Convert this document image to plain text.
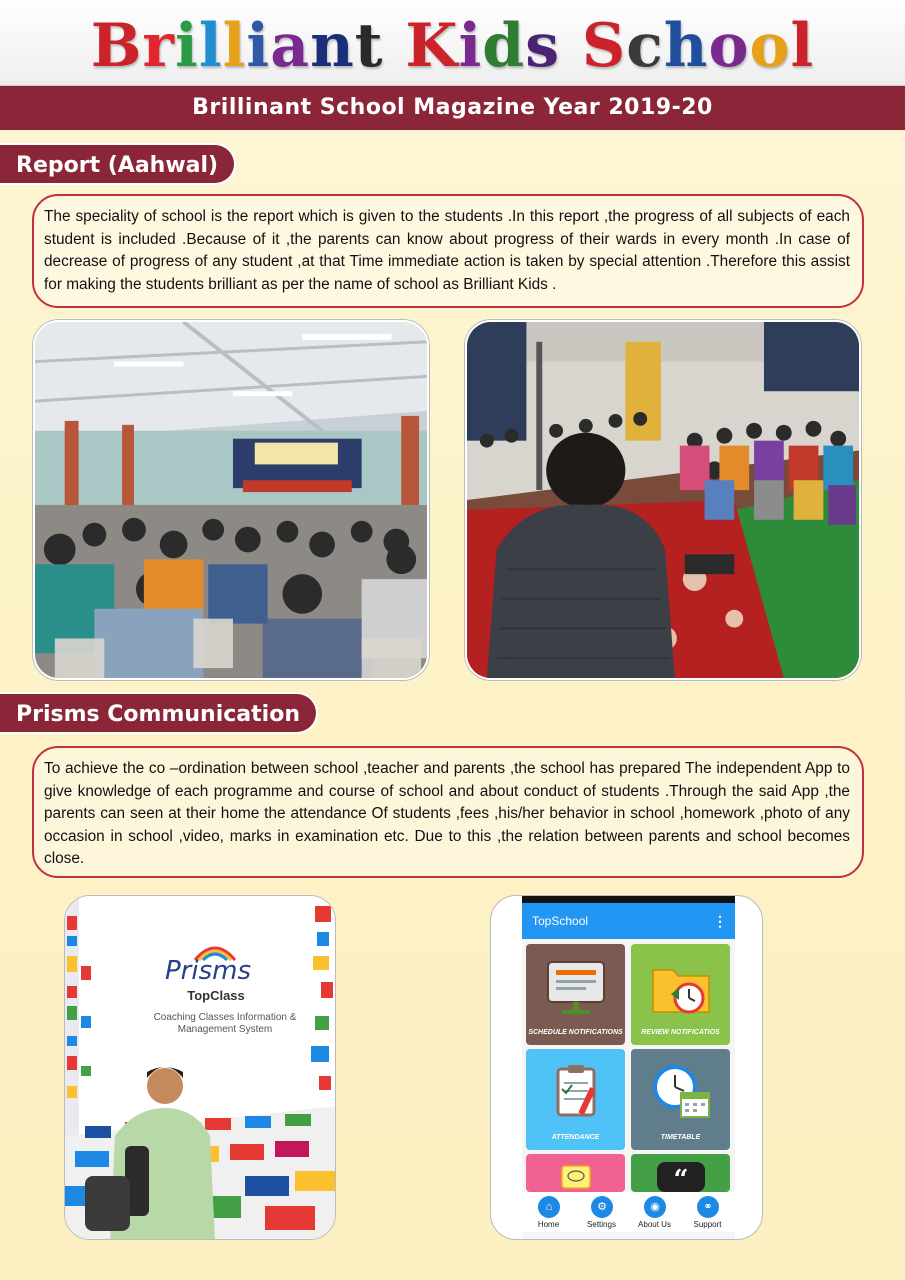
Brilliant Kids School
Brillinant School Magazine Year 2019-20
Report (Aahwal)
The speciality of school is the report which is given to the students .In this report ,the progress of all subjects of each student is included .Because of it ,the parents can know about progress of their wards in every month .In case of decrease of progress of any student ,at that Time immediate action is taken by special attention .Therefore this assist for making the students brilliant as per the name of school as Brilliant Kids .
Prisms Communication
To achieve the co –ordination between school ,teacher and parents ,the school has prepared The independent App to give knowledge of each programme and course of school and about conduct of students .Through the said App ,the parents can seen at their home the attendance Of students ,fees ,his/her behavior in school ,homework ,photo of any occasion in school ,video, marks in examination etc. Due to this ,the relation between parents and school becomes close.
Prisms
TopClass
Coaching Classes Information & Management System
TopSchool	⋮
SCHEDULE NOTIFICATIONS	REVIEW NOTIFICATIOS
ATTENDANCE	TIMETABLE
“
⌂
Home
⚙
Settings
◉
About Us
⚭
Support
